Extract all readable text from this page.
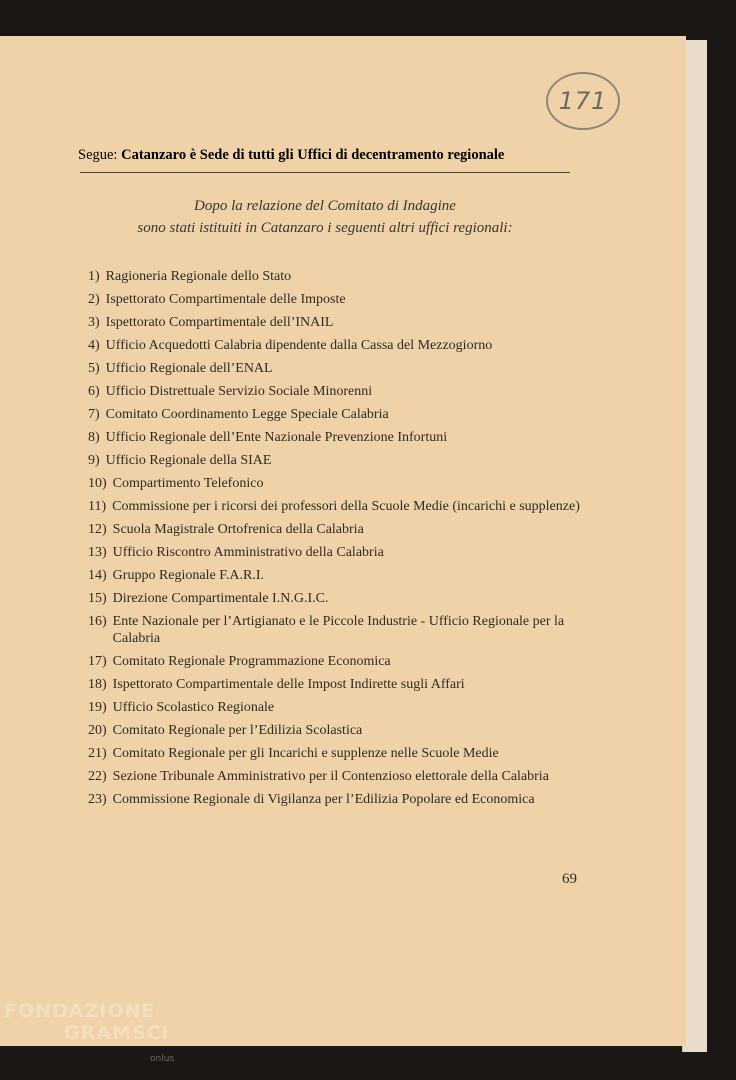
171
Segue: Catanzaro è Sede di tutti gli Uffici di decentramento regionale
Dopo la relazione del Comitato di Indagine
sono stati istituiti in Catanzaro i seguenti altri uffici regionali:
1) Ragioneria Regionale dello Stato
2) Ispettorato Compartimentale delle Imposte
3) Ispettorato Compartimentale dell’INAIL
4) Ufficio Acquedotti Calabria dipendente dalla Cassa del Mezzogiorno
5) Ufficio Regionale dell’ENAL
6) Ufficio Distrettuale Servizio Sociale Minorenni
7) Comitato Coordinamento Legge Speciale Calabria
8) Ufficio Regionale dell’Ente Nazionale Prevenzione Infortuni
9) Ufficio Regionale della SIAE
10) Compartimento Telefonico
11) Commissione per i ricorsi dei professori della Scuole Medie (incarichi e supplenze)
12) Scuola Magistrale Ortofrenica della Calabria
13) Ufficio Riscontro Amministrativo della Calabria
14) Gruppo Regionale F.A.R.I.
15) Direzione Compartimentale I.N.G.I.C.
16) Ente Nazionale per l’Artigianato e le Piccole Industrie - Ufficio Regionale per la Calabria
17) Comitato Regionale Programmazione Economica
18) Ispettorato Compartimentale delle Impost Indirette sugli Affari
19) Ufficio Scolastico Regionale
20) Comitato Regionale per l’Edilizia Scolastica
21) Comitato Regionale per gli Incarichi e supplenze nelle Scuole Medie
22) Sezione Tribunale Amministrativo per il Contenzioso elettorale della Calabria
23) Commissione Regionale di Vigilanza per l’Edilizia Popolare ed Economica
69
FONDAZIONE
GRAMSCI
onlus
